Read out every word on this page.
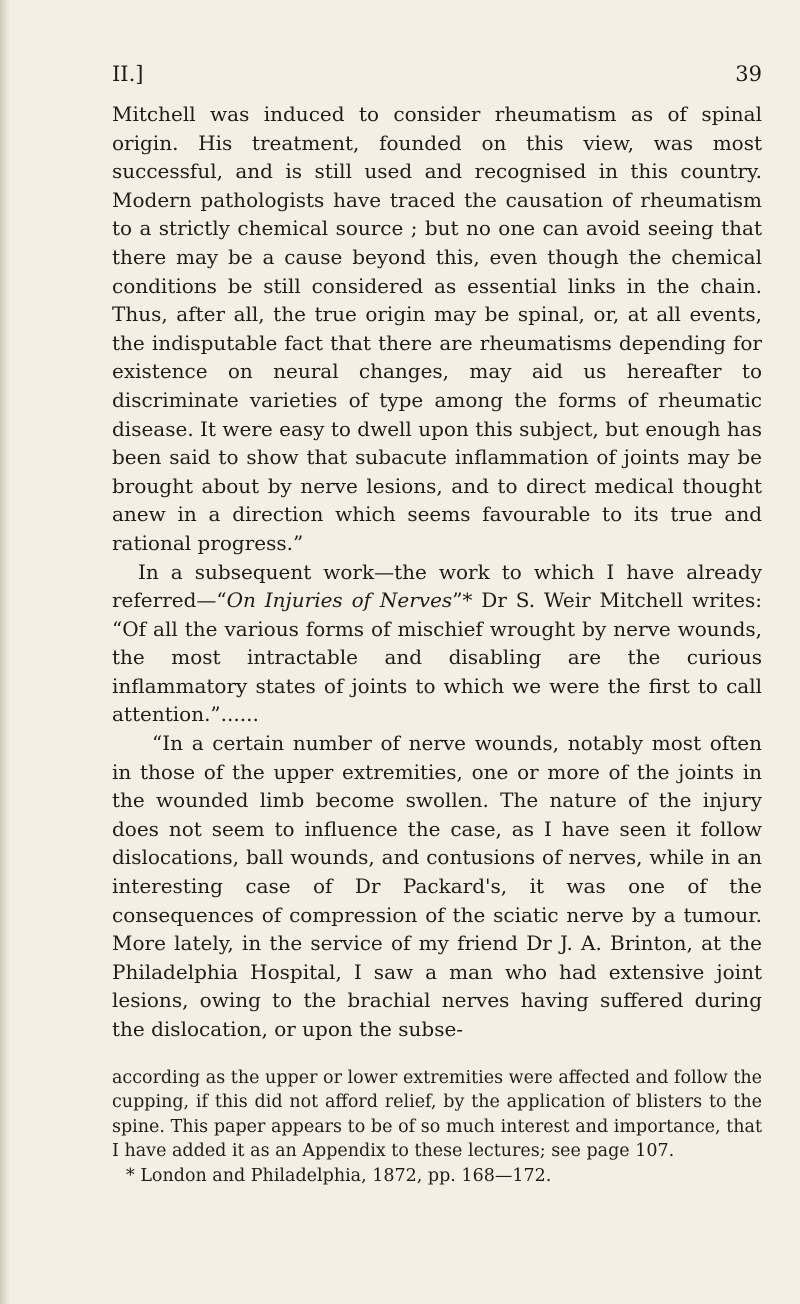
II.]	39

Mitchell was induced to consider rheumatism as of spinal origin. His treatment, founded on this view, was most successful, and is still used and recognised in this country. Modern pathologists have traced the causation of rheumatism to a strictly chemical source ; but no one can avoid seeing that there may be a cause beyond this, even though the chemical conditions be still considered as essential links in the chain. Thus, after all, the true origin may be spinal, or, at all events, the indisputable fact that there are rheumatisms depending for existence on neural changes, may aid us hereafter to discriminate varieties of type among the forms of rheumatic disease. It were easy to dwell upon this subject, but enough has been said to show that subacute inflammation of joints may be brought about by nerve lesions, and to direct medical thought anew in a direction which seems favourable to its true and rational progress.”

In a subsequent work—the work to which I have already referred—“On Injuries of Nerves”* Dr S. Weir Mitchell writes: “Of all the various forms of mischief wrought by nerve wounds, the most intractable and disabling are the curious inflammatory states of joints to which we were the first to call attention.”......

“In a certain number of nerve wounds, notably most often in those of the upper extremities, one or more of the joints in the wounded limb become swollen. The nature of the injury does not seem to influence the case, as I have seen it follow dislocations, ball wounds, and contusions of nerves, while in an interesting case of Dr Packard's, it was one of the consequences of compression of the sciatic nerve by a tumour. More lately, in the service of my friend Dr J. A. Brinton, at the Philadelphia Hospital, I saw a man who had extensive joint lesions, owing to the brachial nerves having suffered during the dislocation, or upon the subse-

according as the upper or lower extremities were affected and follow the cupping, if this did not afford relief, by the application of blisters to the spine. This paper appears to be of so much interest and importance, that I have added it as an Appendix to these lectures; see page 107.

* London and Philadelphia, 1872, pp. 168—172.
